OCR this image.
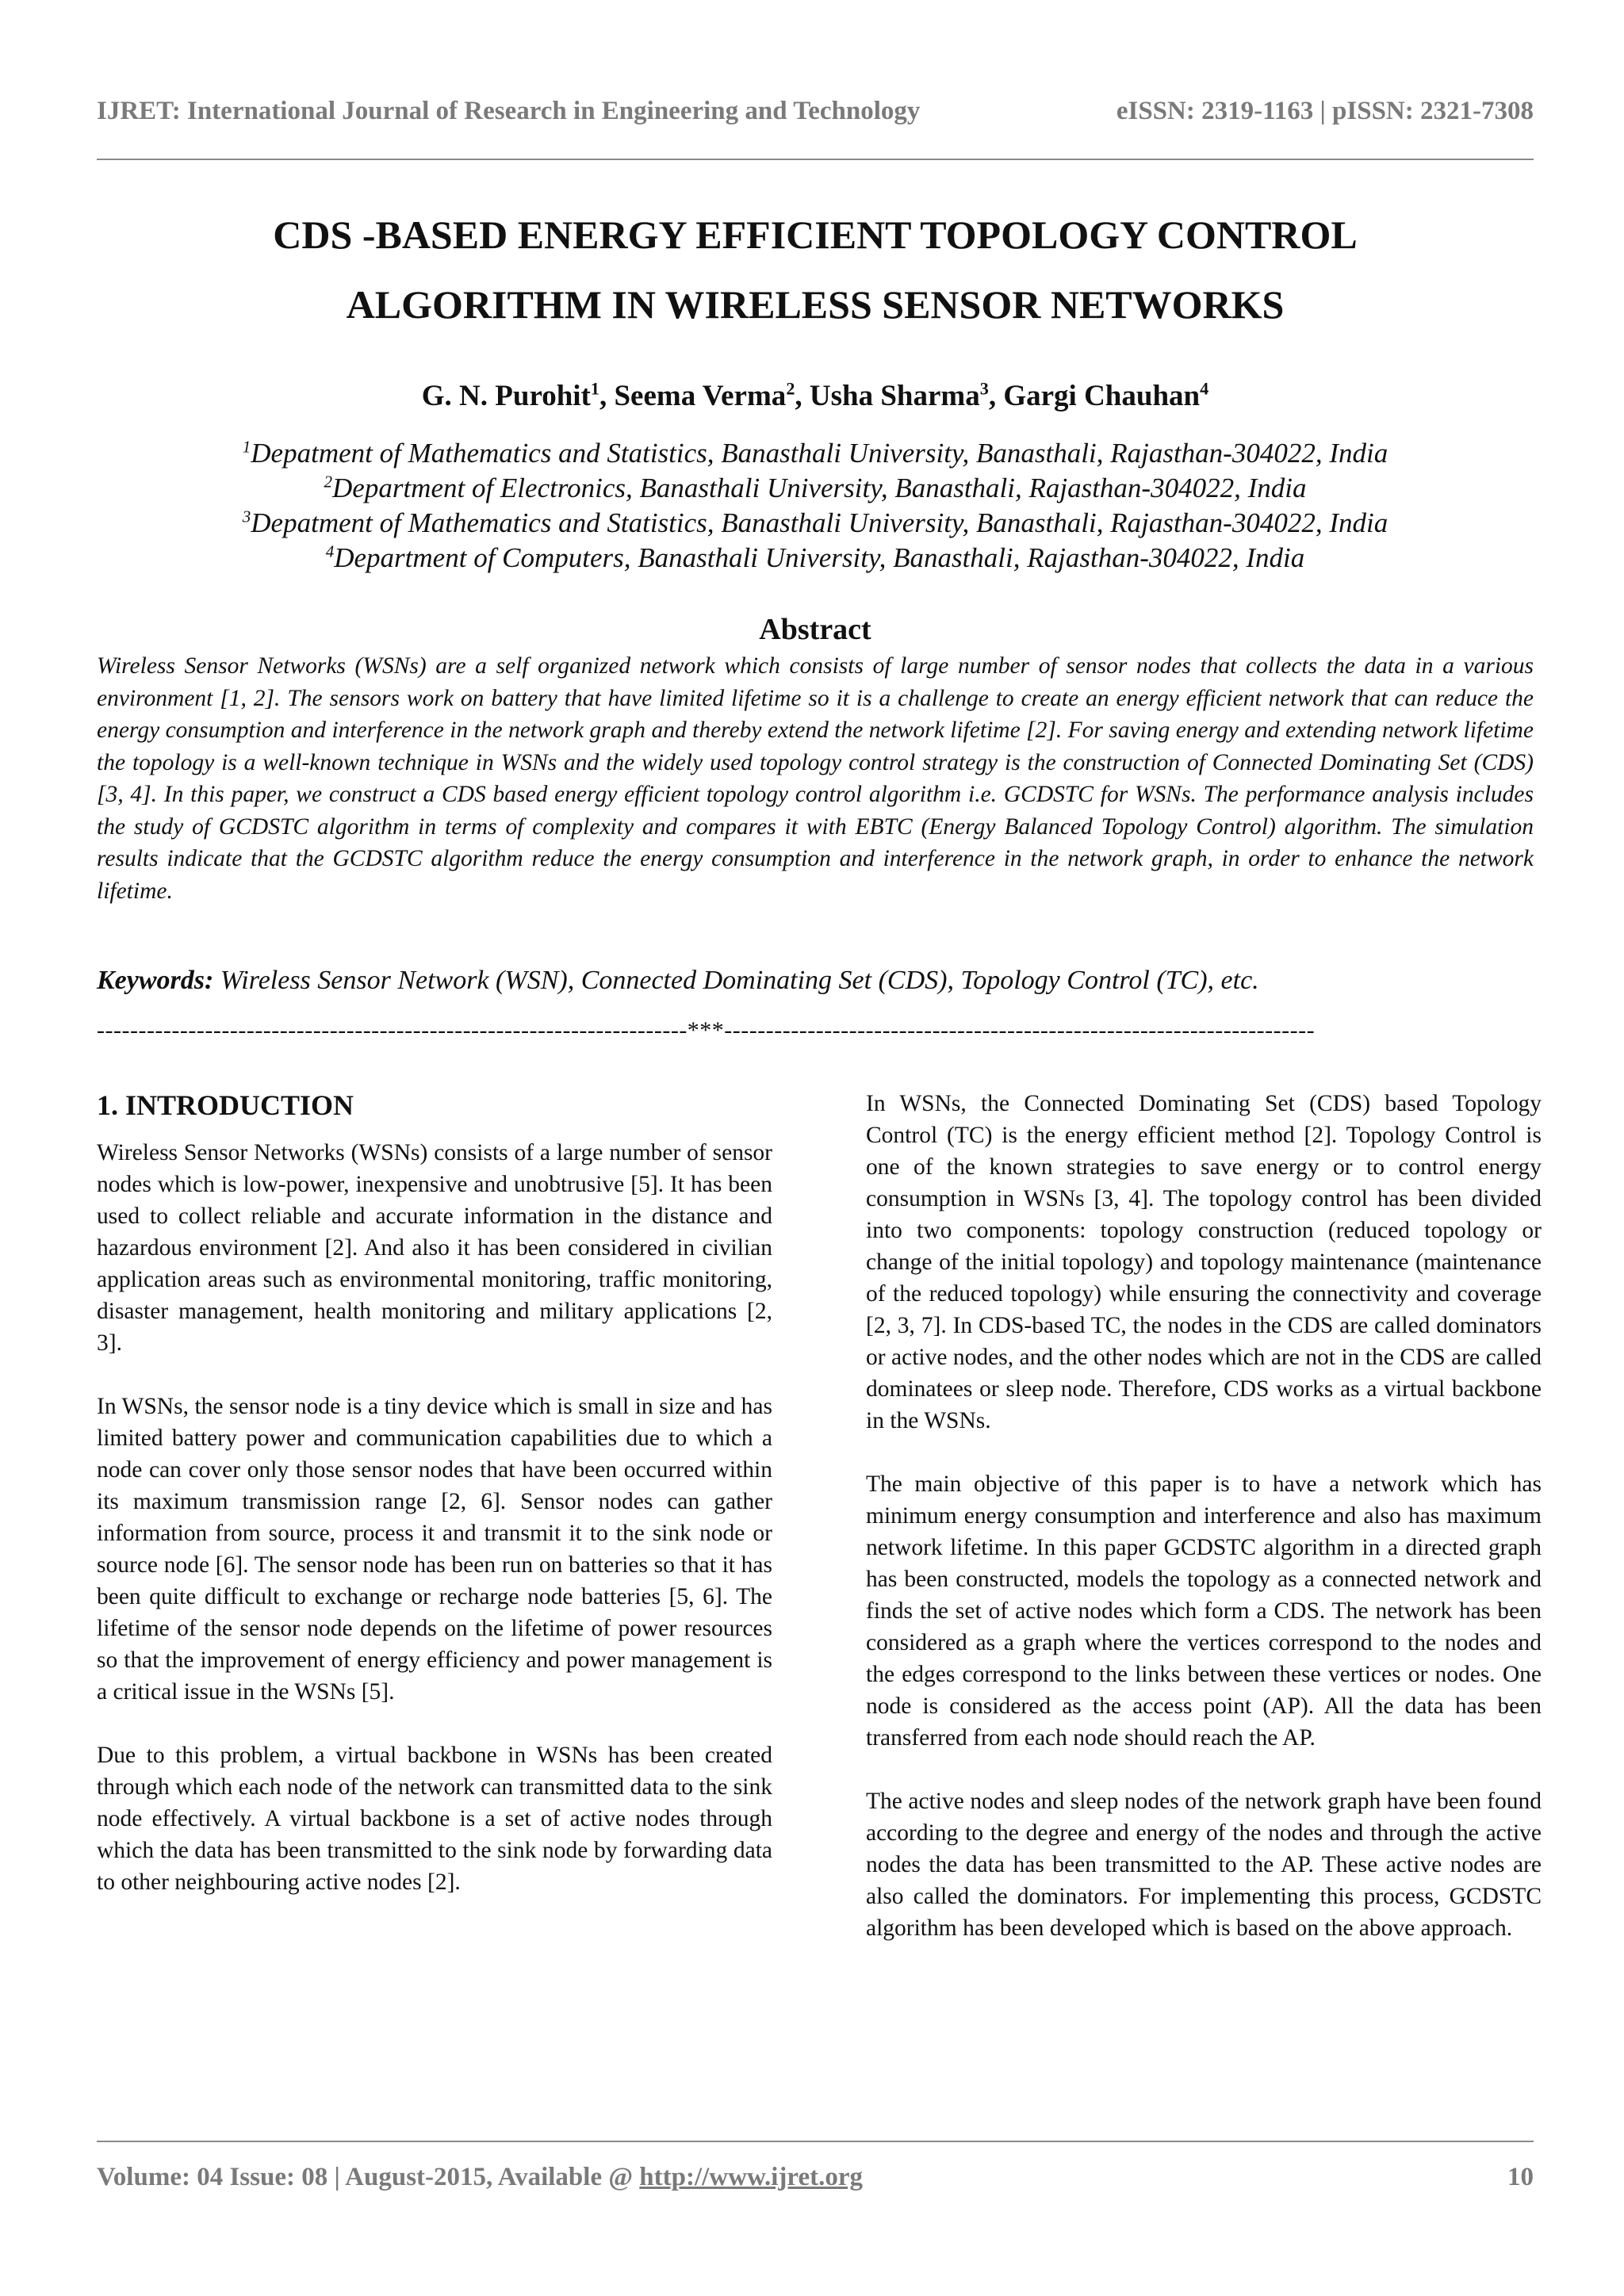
IJRET: International Journal of Research in Engineering and Technology	eISSN: 2319-1163 | pISSN: 2321-7308
CDS -BASED ENERGY EFFICIENT TOPOLOGY CONTROL
ALGORITHM IN WIRELESS SENSOR NETWORKS
G. N. Purohit$^1$, Seema Verma$^2$, Usha Sharma$^3$, Gargi Chauhan$^4$
$^1$Depatment of Mathematics and Statistics, Banasthali University, Banasthali, Rajasthan-304022, India
$^2$Department of Electronics, Banasthali University, Banasthali, Rajasthan-304022, India
$^3$Depatment of Mathematics and Statistics, Banasthali University, Banasthali, Rajasthan-304022, India
$^4$Department of Computers, Banasthali University, Banasthali, Rajasthan-304022, India
Abstract
Wireless Sensor Networks (WSNs) are a self organized network which consists of large number of sensor nodes that collects the data in a various environment [1, 2]. The sensors work on battery that have limited lifetime so it is a challenge to create an energy efficient network that can reduce the energy consumption and interference in the network graph and thereby extend the network lifetime [2]. For saving energy and extending network lifetime the topology is a well-known technique in WSNs and the widely used topology control strategy is the construction of Connected Dominating Set (CDS) [3, 4]. In this paper, we construct a CDS based energy efficient topology control algorithm i.e. GCDSTC for WSNs. The performance analysis includes the study of GCDSTC algorithm in terms of complexity and compares it with EBTC (Energy Balanced Topology Control) algorithm. The simulation results indicate that the GCDSTC algorithm reduce the energy consumption and interference in the network graph, in order to enhance the network lifetime.
Keywords: Wireless Sensor Network (WSN), Connected Dominating Set (CDS), Topology Control (TC), etc.
-----------------------------------------------------------------------***-----------------------------------------------------------------------
1. INTRODUCTION

Wireless Sensor Networks (WSNs) consists of a large number of sensor nodes which is low-power, inexpensive and unobtrusive [5]. It has been used to collect reliable and accurate information in the distance and hazardous environment [2]. And also it has been considered in civilian application areas such as environmental monitoring, traffic monitoring, disaster management, health monitoring and military applications [2, 3].

In WSNs, the sensor node is a tiny device which is small in size and has limited battery power and communication capabilities due to which a node can cover only those sensor nodes that have been occurred within its maximum transmission range [2, 6]. Sensor nodes can gather information from source, process it and transmit it to the sink node or source node [6]. The sensor node has been run on batteries so that it has been quite difficult to exchange or recharge node batteries [5, 6]. The lifetime of the sensor node depends on the lifetime of power resources so that the improvement of energy efficiency and power management is a critical issue in the WSNs [5].

Due to this problem, a virtual backbone in WSNs has been created through which each node of the network can transmitted data to the sink node effectively. A virtual backbone is a set of active nodes through which the data has been transmitted to the sink node by forwarding data to other neighbouring active nodes [2].

In WSNs, the Connected Dominating Set (CDS) based Topology Control (TC) is the energy efficient method [2]. Topology Control is one of the known strategies to save energy or to control energy consumption in WSNs [3, 4]. The topology control has been divided into two components: topology construction (reduced topology or change of the initial topology) and topology maintenance (maintenance of the reduced topology) while ensuring the connectivity and coverage [2, 3, 7]. In CDS-based TC, the nodes in the CDS are called dominators or active nodes, and the other nodes which are not in the CDS are called dominatees or sleep node. Therefore, CDS works as a virtual backbone in the WSNs.

The main objective of this paper is to have a network which has minimum energy consumption and interference and also has maximum network lifetime. In this paper GCDSTC algorithm in a directed graph has been constructed, models the topology as a connected network and finds the set of active nodes which form a CDS. The network has been considered as a graph where the vertices correspond to the nodes and the edges correspond to the links between these vertices or nodes. One node is considered as the access point (AP). All the data has been transferred from each node should reach the AP.

The active nodes and sleep nodes of the network graph have been found according to the degree and energy of the nodes and through the active nodes the data has been transmitted to the AP. These active nodes are also called the dominators. For implementing this process, GCDSTC algorithm has been developed which is based on the above approach.

Volume: 04 Issue: 08 | August-2015, Available @ http://www.ijret.org	10
